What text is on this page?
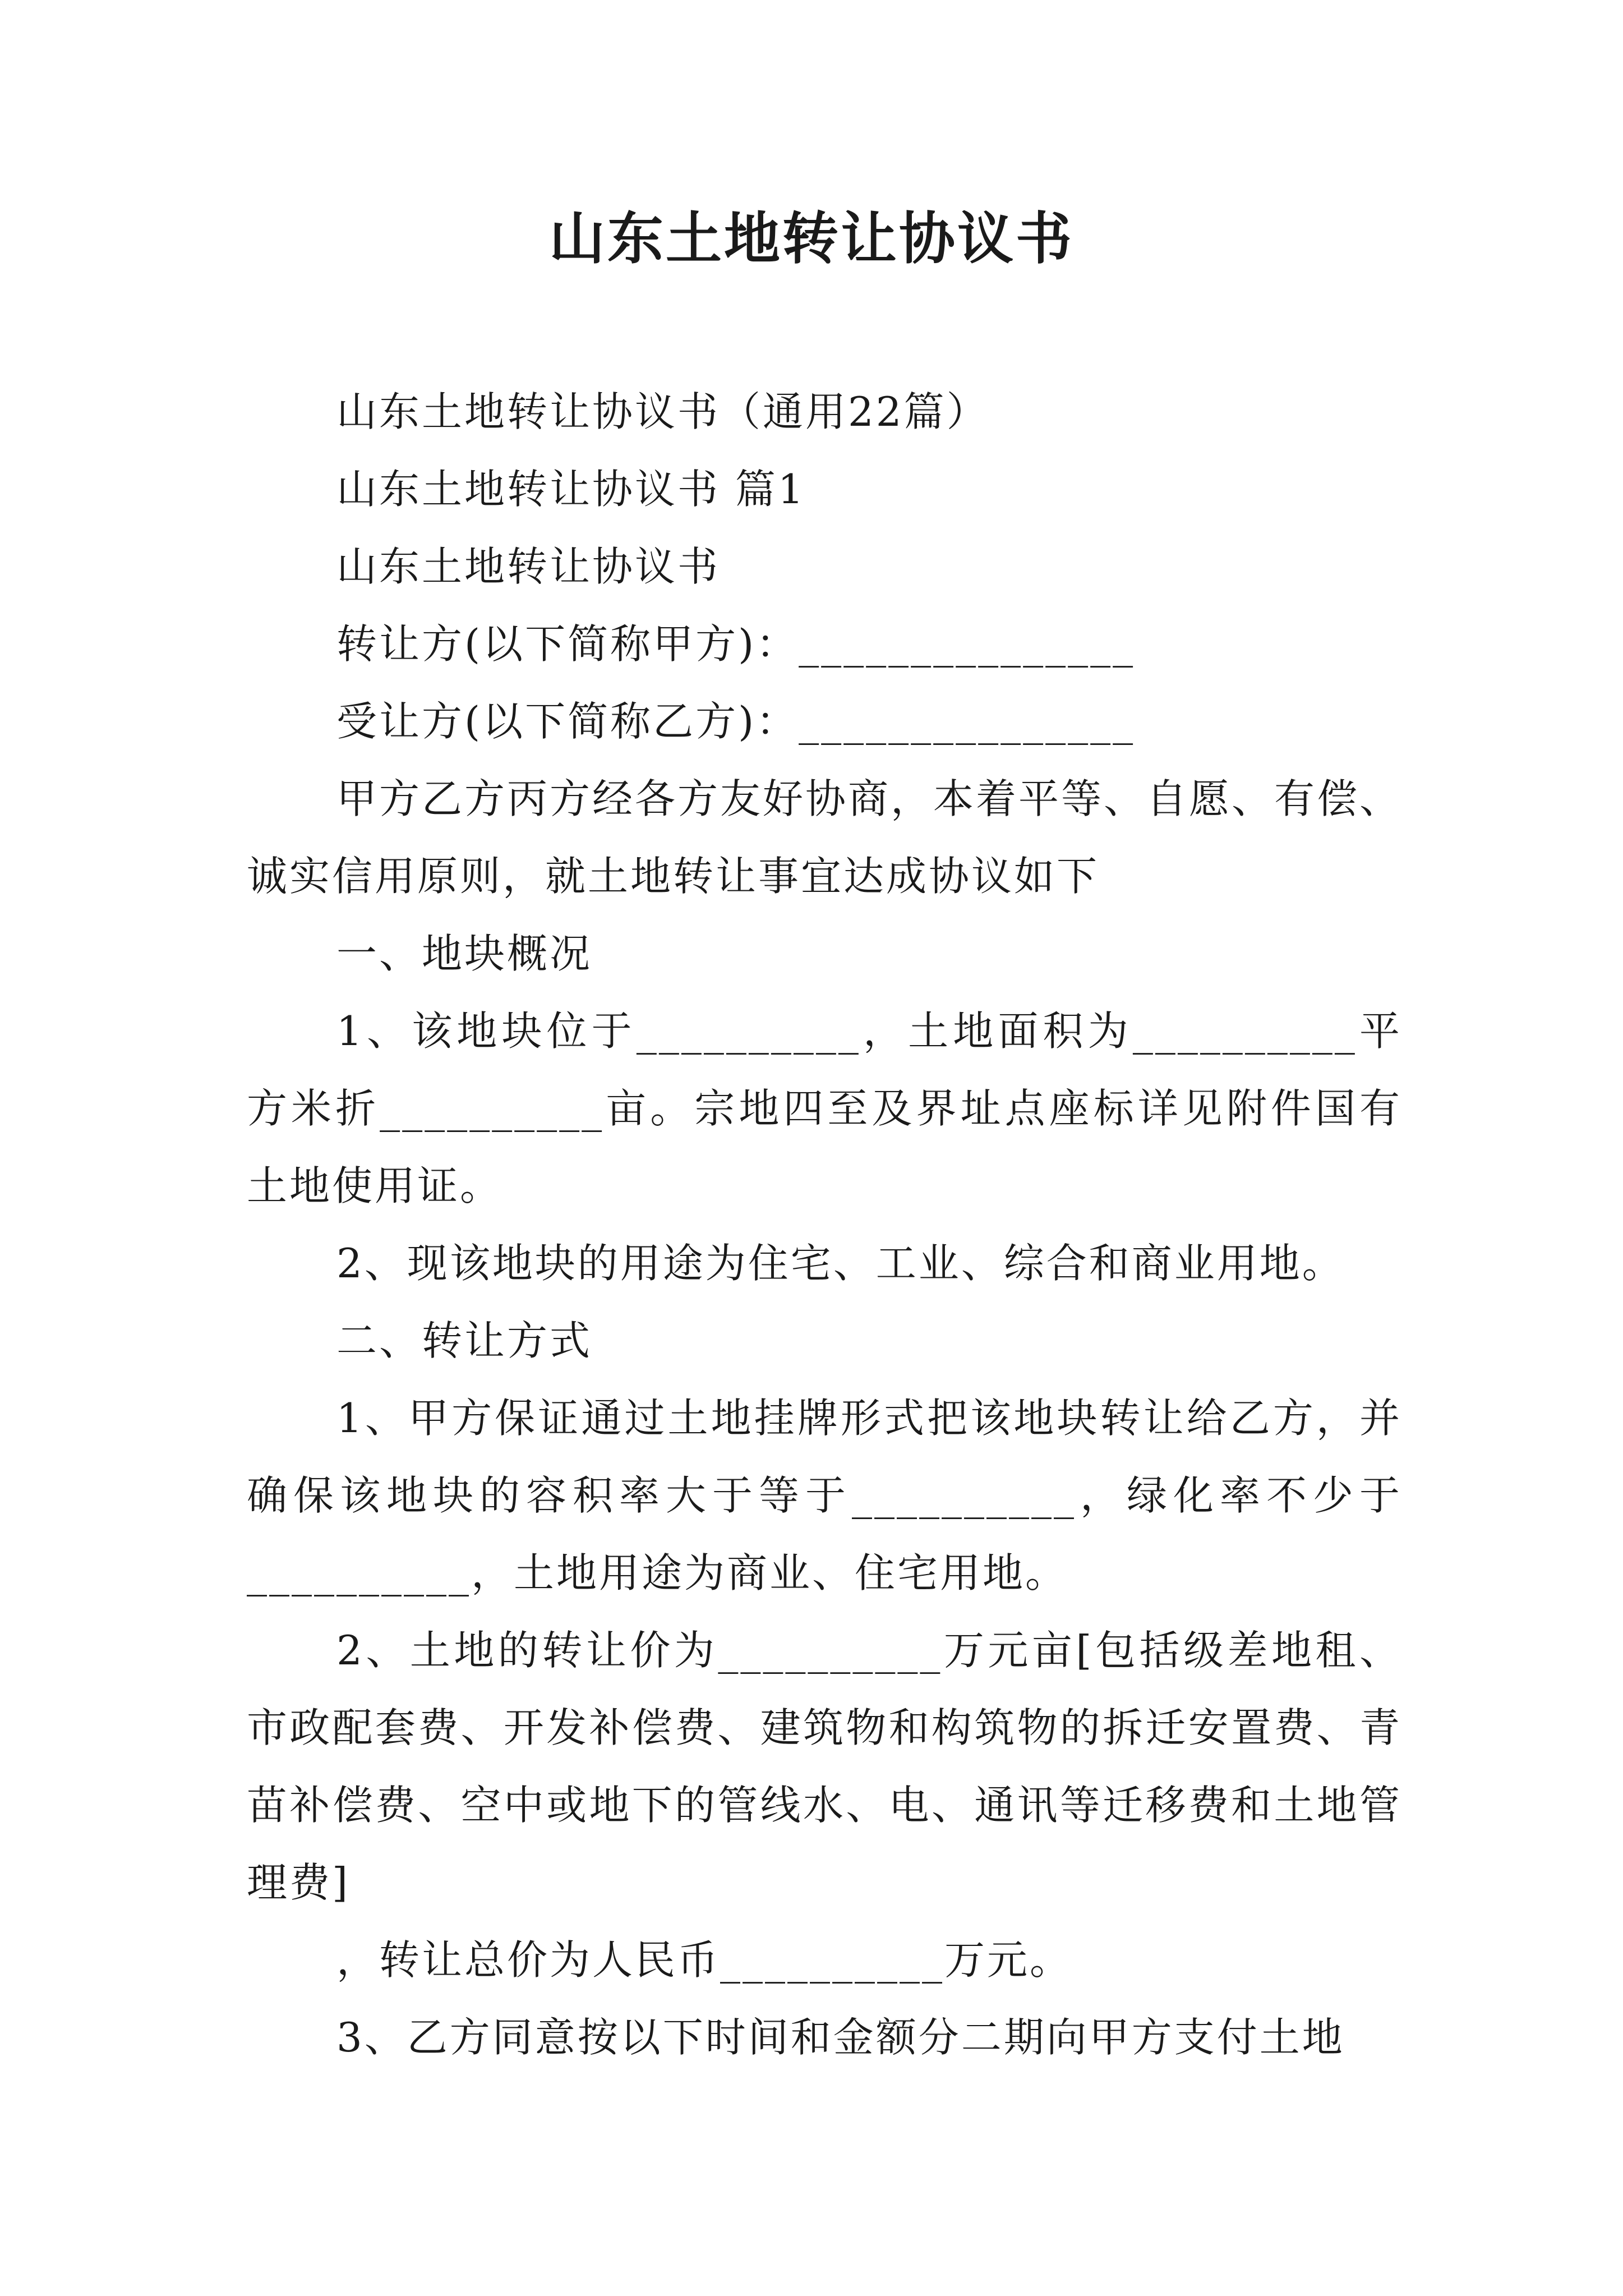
山东土地转让协议书

山东土地转让协议书（通用22篇）

山东土地转让协议书 篇1

山东土地转让协议书

转让方(以下简称甲方)：_______________

受让方(以下简称乙方)：_______________

甲方乙方丙方经各方友好协商，本着平等、自愿、有偿、诚实信用原则，就土地转让事宜达成协议如下

一、地块概况

1、该地块位于__________，土地面积为__________平方米折__________亩。宗地四至及界址点座标详见附件国有土地使用证。

2、现该地块的用途为住宅、工业、综合和商业用地。

二、转让方式

1、甲方保证通过土地挂牌形式把该地块转让给乙方，并确保该地块的容积率大于等于__________，绿化率不少于__________，土地用途为商业、住宅用地。

2、土地的转让价为__________万元亩[包括级差地租、市政配套费、开发补偿费、建筑物和构筑物的拆迁安置费、青苗补偿费、空中或地下的管线水、电、通讯等迁移费和土地管理费]

，转让总价为人民币__________万元。

3、乙方同意按以下时间和金额分二期向甲方支付土地
